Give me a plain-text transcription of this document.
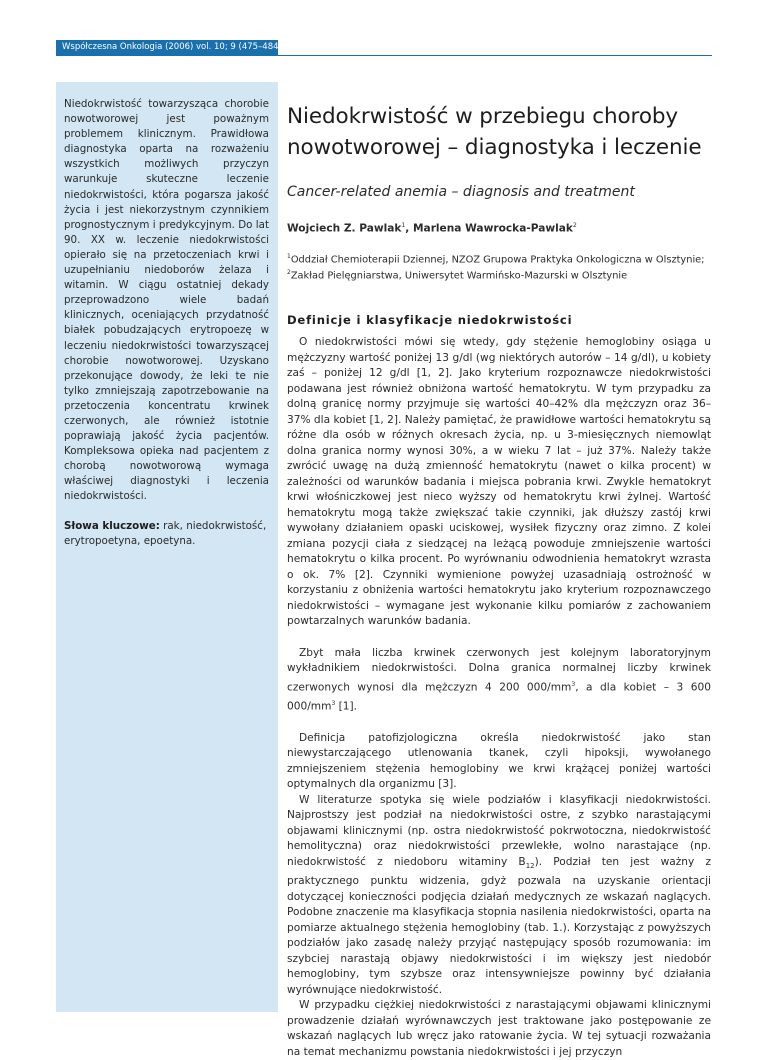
Współczesna Onkologia (2006) vol. 10; 9 (475–484)

Niedokrwistość towarzysząca chorobie nowotworowej jest poważnym problemem klinicznym. Prawidłowa diagnostyka oparta na rozważeniu wszystkich możliwych przyczyn warunkuje skuteczne leczenie niedokrwistości, która pogarsza jakość życia i jest niekorzystnym czynnikiem prognostycznym i predykcyjnym. Do lat 90. XX w. leczenie niedokrwistości opierało się na przetoczeniach krwi i uzupełnianiu niedoborów żelaza i witamin. W ciągu ostatniej dekady przeprowadzono wiele badań klinicznych, oceniających przydatność białek pobudzających erytropoezę w leczeniu niedokrwistości towarzyszącej chorobie nowotworowej. Uzyskano przekonujące dowody, że leki te nie tylko zmniejszają zapotrzebowanie na przetoczenia koncentratu krwinek czerwonych, ale również istotnie poprawiają jakość życia pacjentów. Kompleksowa opieka nad pacjentem z chorobą nowotworową wymaga właściwej diagnostyki i leczenia niedokrwistości.

Słowa kluczowe: rak, niedokrwistość, erytropoetyna, epoetyna.

Niedokrwistość w przebiegu choroby nowotworowej – diagnostyka i leczenie

Cancer-related anemia – diagnosis and treatment

Wojciech Z. Pawlak$^1$, Marlena Wawrocka-Pawlak$^2$

$^1$Oddział Chemioterapii Dziennej, NZOZ Grupowa Praktyka Onkologiczna w Olsztynie;
$^2$Zakład Pielęgniarstwa, Uniwersytet Warmińsko-Mazurski w Olsztynie
Definicje i klasyfikacje niedokrwistości

O niedokrwistości mówi się wtedy, gdy stężenie hemoglobiny osiąga u mężczyzny wartość poniżej 13 g/dl (wg niektórych autorów – 14 g/dl), u kobiety zaś – poniżej 12 g/dl [1, 2]. Jako kryterium rozpoznawcze niedokrwistości podawana jest również obniżona wartość hematokrytu. W tym przypadku za dolną granicę normy przyjmuje się wartości 40–42% dla mężczyzn oraz 36–37% dla kobiet [1, 2]. Należy pamiętać, że prawidłowe wartości hematokrytu są różne dla osób w różnych okresach życia, np. u 3-miesięcznych niemowląt dolna granica normy wynosi 30%, a w wieku 7 lat – już 37%. Należy także zwrócić uwagę na dużą zmienność hematokrytu (nawet o kilka procent) w zależności od warunków badania i miejsca pobrania krwi. Zwykle hematokryt krwi włośniczkowej jest nieco wyższy od hematokrytu krwi żylnej. Wartość hematokrytu mogą także zwiększać takie czynniki, jak dłuższy zastój krwi wywołany działaniem opaski uciskowej, wysiłek fizyczny oraz zimno. Z kolei zmiana pozycji ciała z siedzącej na leżącą powoduje zmniejszenie wartości hematokrytu o kilka procent. Po wyrównaniu odwodnienia hematokryt wzrasta o ok. 7% [2]. Czynniki wymienione powyżej uzasadniają ostrożność w korzystaniu z obniżenia wartości hematokrytu jako kryterium rozpoznawczego niedokrwistości – wymagane jest wykonanie kilku pomiarów z zachowaniem powtarzalnych warunków badania.

Zbyt mała liczba krwinek czerwonych jest kolejnym laboratoryjnym wykładnikiem niedokrwistości. Dolna granica normalnej liczby krwinek czerwonych wynosi dla mężczyzn 4 200 $000/mm^3$, a dla kobiet – 3 600 $000/mm^3$ [1].

Definicja patofizjologiczna określa niedokrwistość jako stan niewystarczającego utlenowania tkanek, czyli hipoksji, wywołanego zmniejszeniem stężenia hemoglobiny we krwi krążącej poniżej wartości optymalnych dla organizmu [3].

W literaturze spotyka się wiele podziałów i klasyfikacji niedokrwistości. Najprostszy jest podział na niedokrwistości ostre, z szybko narastającymi objawami klinicznymi (np. ostra niedokrwistość pokrwotoczna, niedokrwistość hemolityczna) oraz niedokrwistości przewlekłe, wolno narastające (np. niedokrwistość z niedoboru witaminy $B_{12}$). Podział ten jest ważny z praktycznego punktu widzenia, gdyż pozwala na uzyskanie orientacji dotyczącej konieczności podjęcia działań medycznych ze wskazań naglących. Podobne znaczenie ma klasyfikacja stopnia nasilenia niedokrwistości, oparta na pomiarze aktualnego stężenia hemoglobiny (tab. 1.). Korzystając z powyższych podziałów jako zasadę należy przyjąć następujący sposób rozumowania: im szybciej narastają objawy niedokrwistości i im większy jest niedobór hemoglobiny, tym szybsze oraz intensywniejsze powinny być działania wyrównujące niedokrwistość.

W przypadku ciężkiej niedokrwistości z narastającymi objawami klinicznymi prowadzenie działań wyrównawczych jest traktowane jako postępowanie ze wskazań naglących lub wręcz jako ratowanie życia. W tej sytuacji rozważania na temat mechanizmu powstania niedokrwistości i jej przyczyn
